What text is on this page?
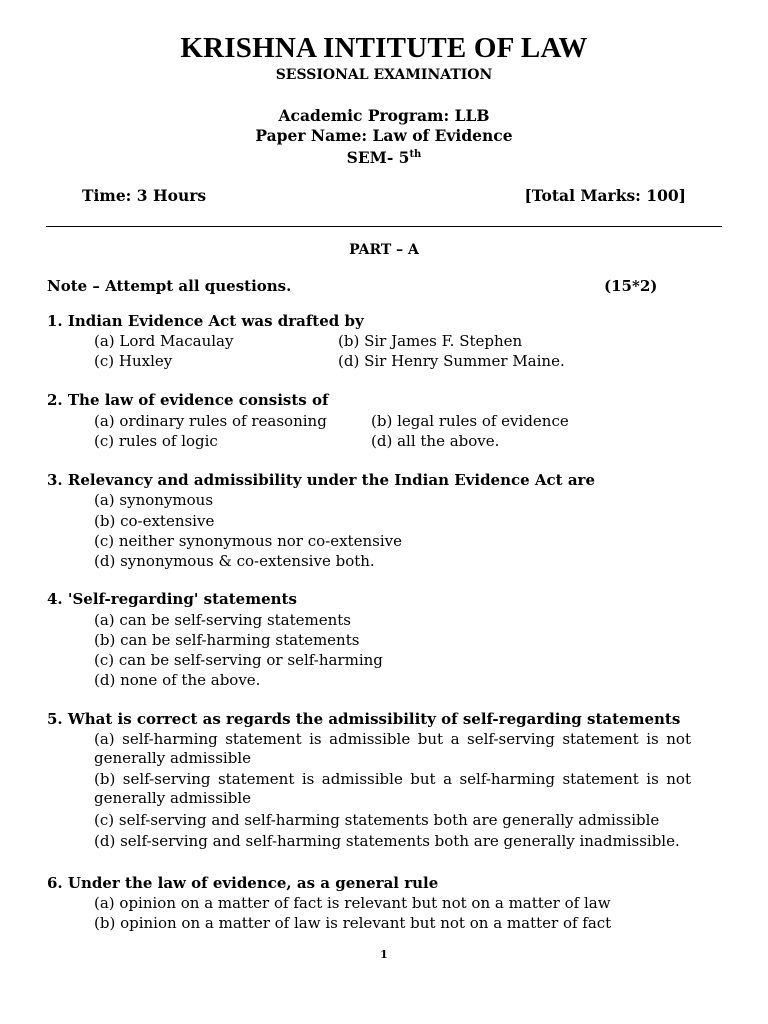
KRISHNA INTITUTE OF LAW
SESSIONAL EXAMINATION
Academic Program: LLB
Paper Name: Law of Evidence
SEM- 5th
Time: 3 Hours	[Total Marks: 100]
PART – A
Note – Attempt all questions.	(15*2)
1. Indian Evidence Act was drafted by
(a) Lord Macaulay	(b) Sir James F. Stephen
(c) Huxley	(d) Sir Henry Summer Maine.
2. The law of evidence consists of
(a) ordinary rules of reasoning	(b) legal rules of evidence
(c) rules of logic	(d) all the above.
3. Relevancy and admissibility under the Indian Evidence Act are
(a) synonymous
(b) co-extensive
(c) neither synonymous nor co-extensive
(d) synonymous & co-extensive both.
4. 'Self-regarding' statements
(a) can be self-serving statements
(b) can be self-harming statements
(c) can be self-serving or self-harming
(d) none of the above.
5. What is correct as regards the admissibility of self-regarding statements
(a) self-harming statement is admissible but a self-serving statement is not
generally admissible
(b) self-serving statement is admissible but a self-harming statement is not
generally admissible
(c) self-serving and self-harming statements both are generally admissible
(d) self-serving and self-harming statements both are generally inadmissible.
6. Under the law of evidence, as a general rule
(a) opinion on a matter of fact is relevant but not on a matter of law
(b) opinion on a matter of law is relevant but not on a matter of fact
1
